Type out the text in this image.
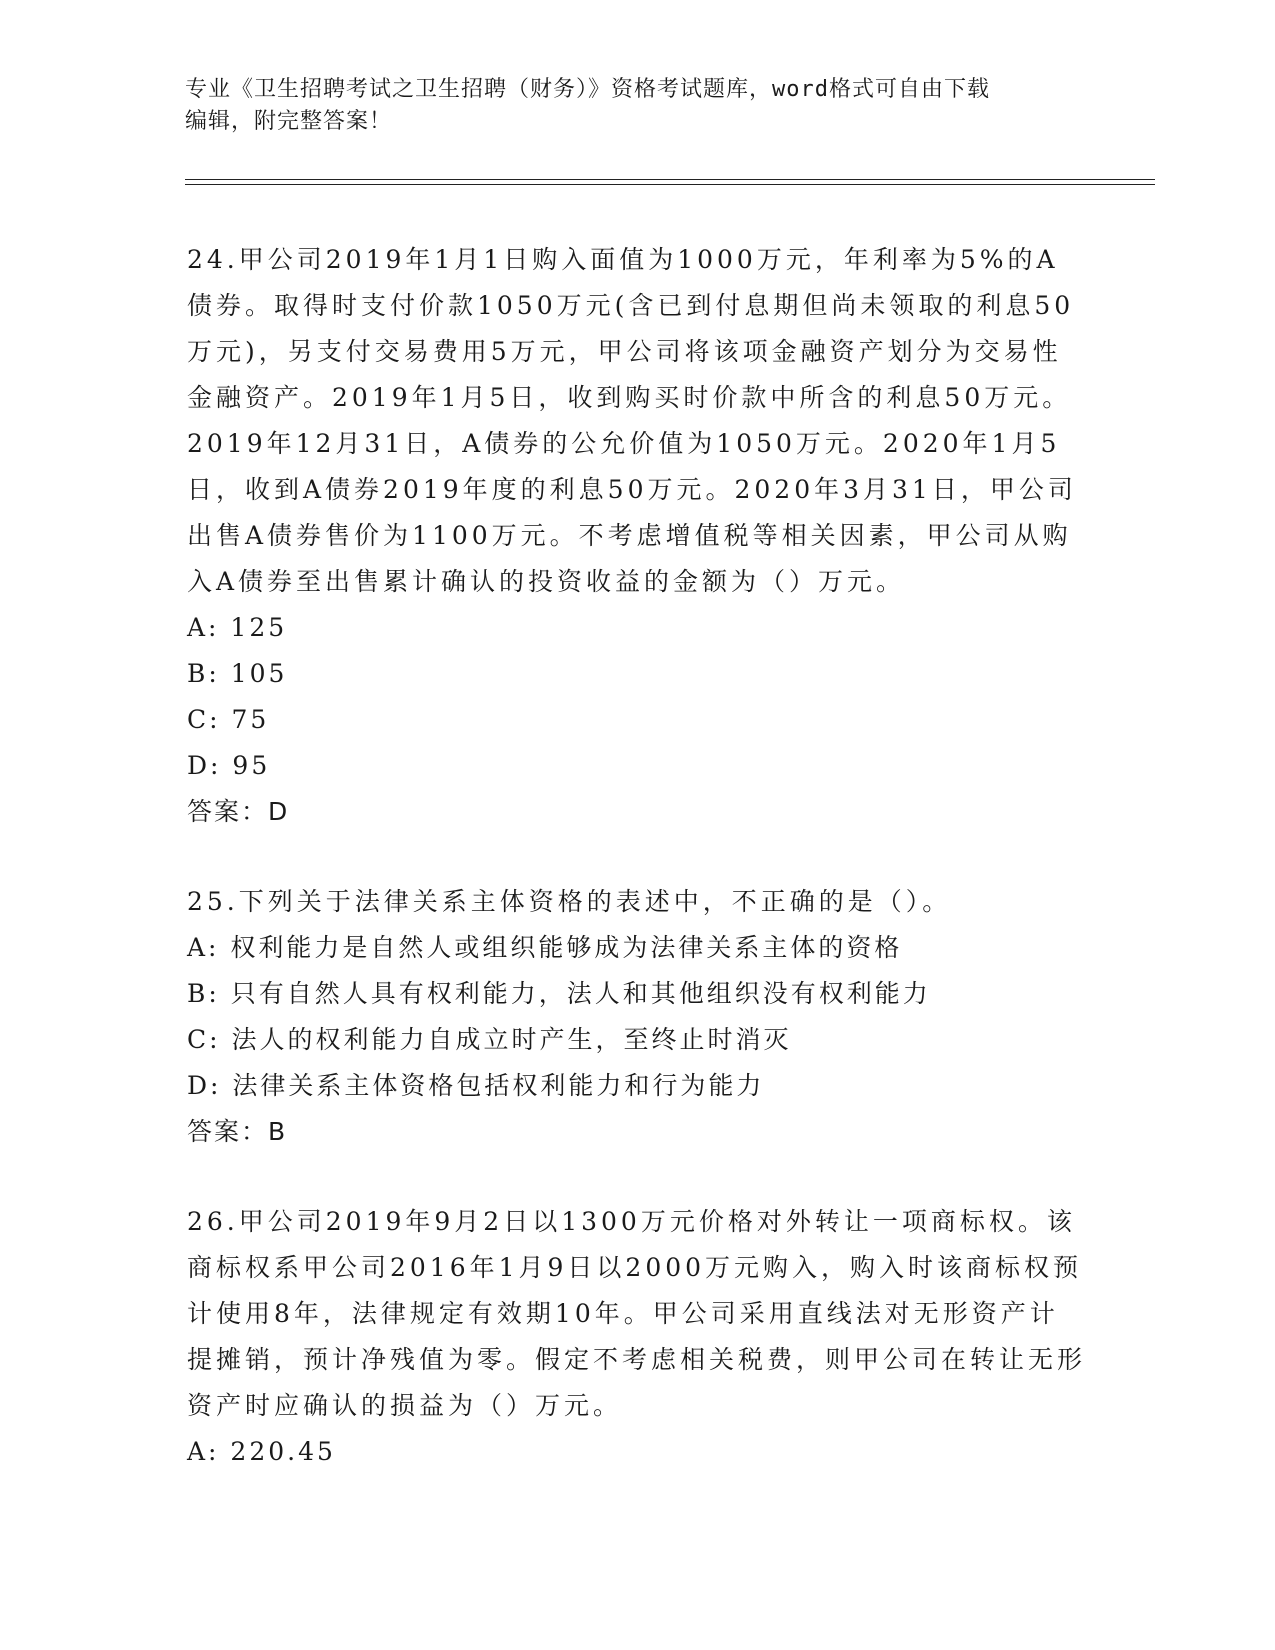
专业《卫生招聘考试之卫生招聘（财务）》资格考试题库，word格式可自由下载
编辑，附完整答案！

24.甲公司2019年1月1日购入面值为1000万元，年利率为5%的A债券。取得时支付价款1050万元(含已到付息期但尚未领取的利息50万元)，另支付交易费用5万元，甲公司将该项金融资产划分为交易性金融资产。2019年1月5日，收到购买时价款中所含的利息50万元。2019年12月31日，A债券的公允价值为1050万元。2020年1月5日，收到A债券2019年度的利息50万元。2020年3月31日，甲公司出售A债券售价为1100万元。不考虑增值税等相关因素，甲公司从购入A债券至出售累计确认的投资收益的金额为（）万元。

A: 125

B: 105

C: 75

D: 95

答案：D

25.下列关于法律关系主体资格的表述中，不正确的是（）。

A: 权利能力是自然人或组织能够成为法律关系主体的资格

B: 只有自然人具有权利能力，法人和其他组织没有权利能力

C: 法人的权利能力自成立时产生，至终止时消灭

D: 法律关系主体资格包括权利能力和行为能力

答案：B

26.甲公司2019年9月2日以1300万元价格对外转让一项商标权。该商标权系甲公司2016年1月9日以2000万元购入，购入时该商标权预计使用8年，法律规定有效期10年。甲公司采用直线法对无形资产计提摊销，预计净残值为零。假定不考虑相关税费，则甲公司在转让无形资产时应确认的损益为（）万元。

A: 220.45
